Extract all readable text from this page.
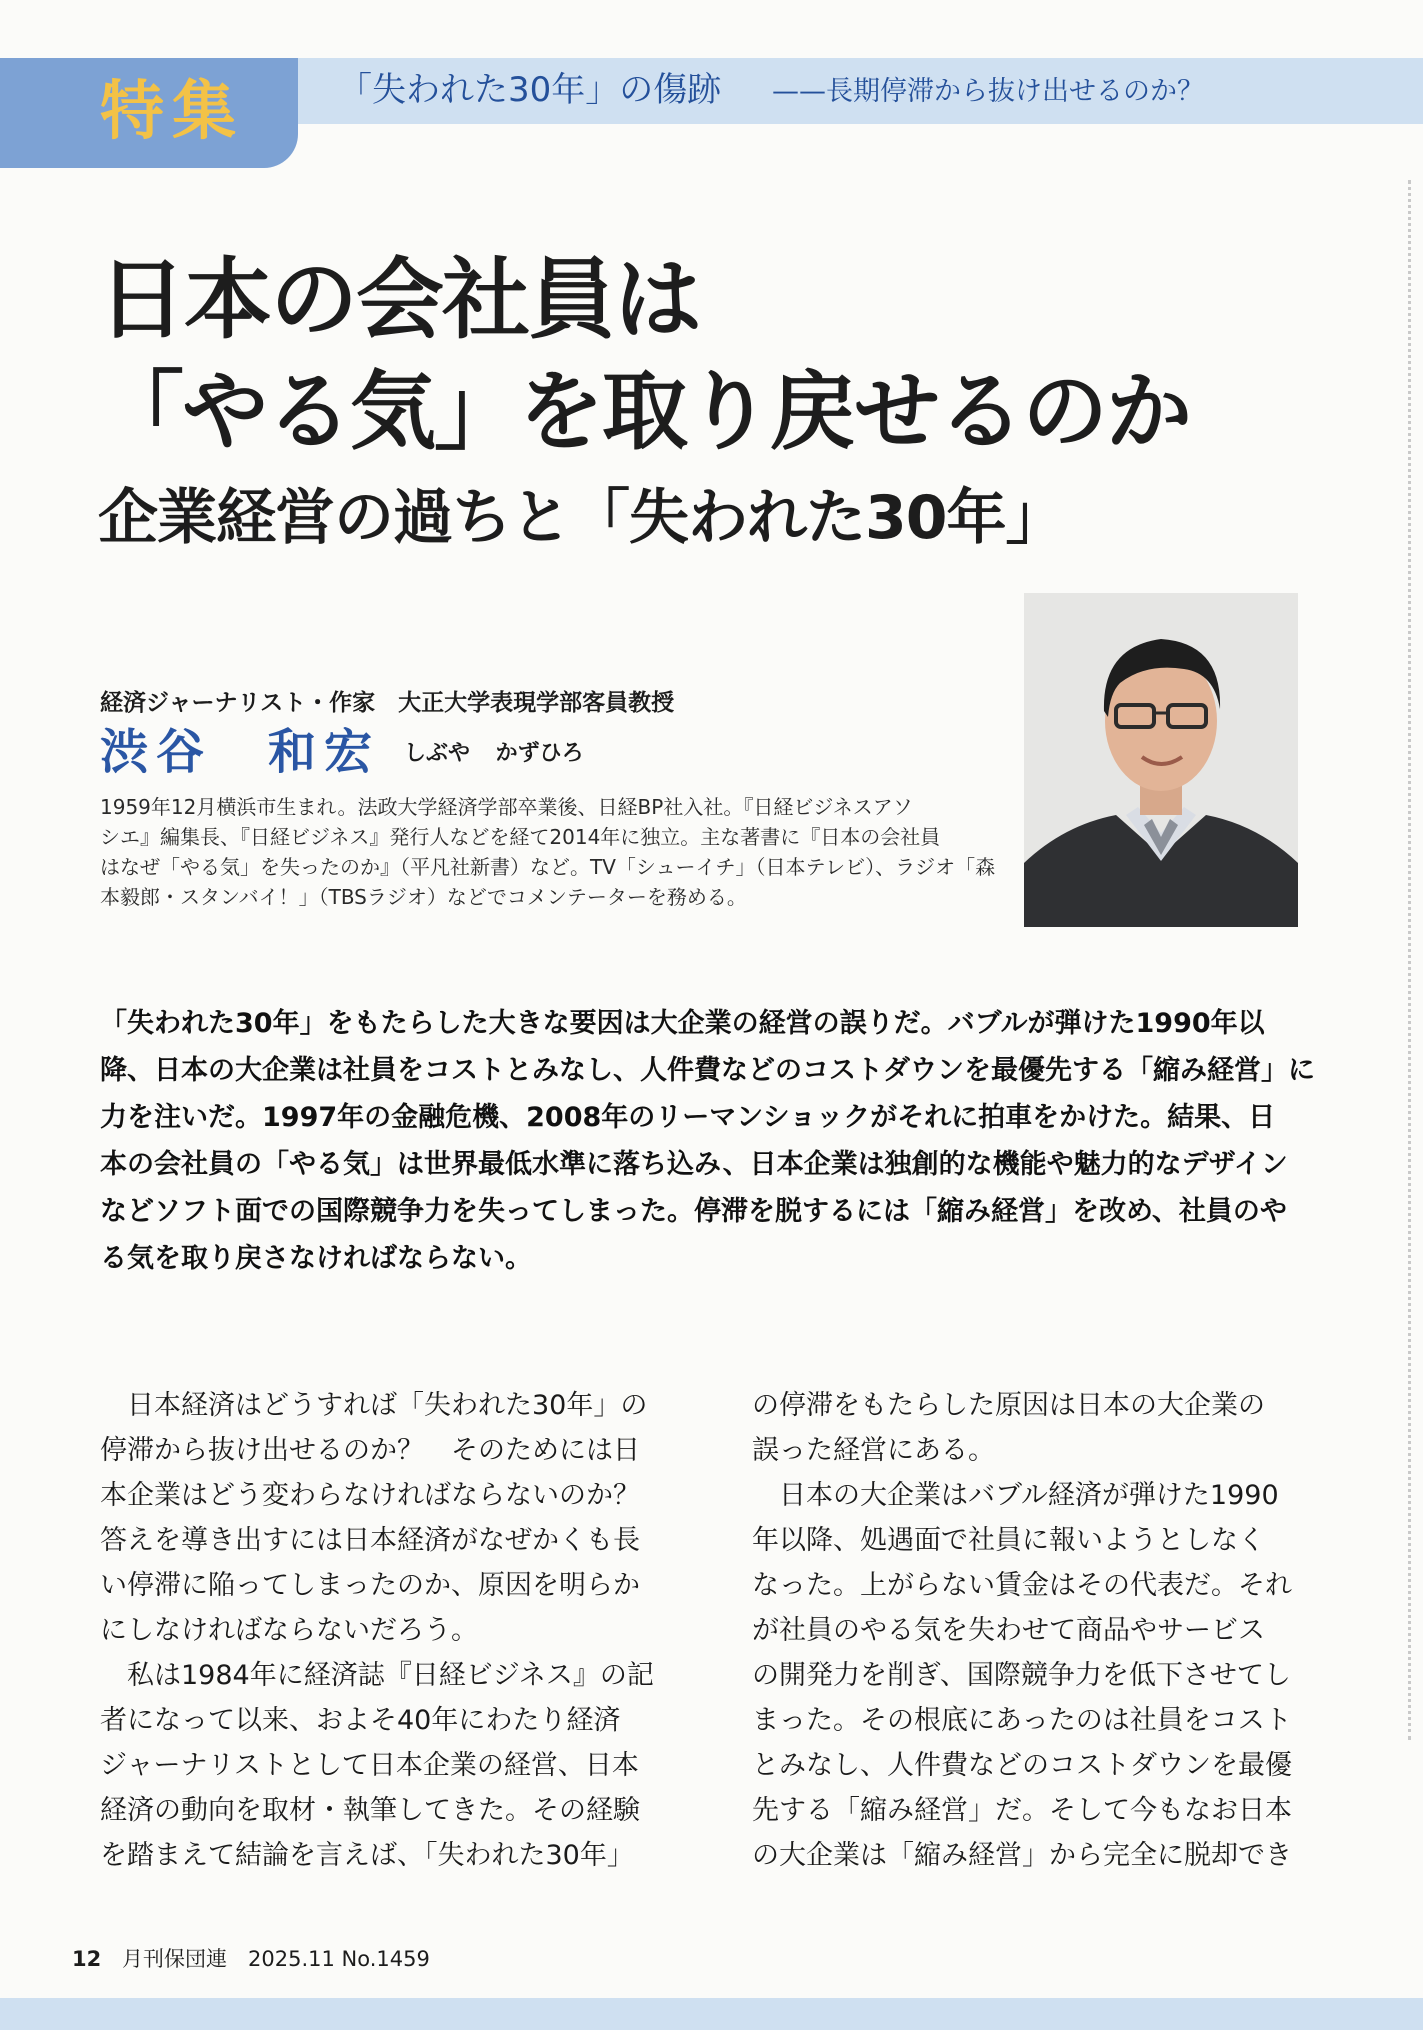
特集	「失われた30年」の傷跡 ——長期停滞から抜け出せるのか？
日本の会社員は
「やる気」を取り戻せるのか
企業経営の過ちと「失われた30年」
経済ジャーナリスト・作家　大正大学表現学部客員教授
渋谷　和宏 しぶや かずひろ

1959年12月横浜市生まれ。法政大学経済学部卒業後、日経BP社入社。『日経ビジネスアソ

シエ』編集長、『日経ビジネス』発行人などを経て2014年に独立。主な著書に『日本の会社員

はなぜ「やる気」を失ったのか』（平凡社新書）など。TV「シューイチ」（日本テレビ）、ラジオ「森

本毅郎・スタンバイ！」（TBSラジオ）などでコメンテーターを務める。

「失われた30年」をもたらした大きな要因は大企業の経営の誤りだ。バブルが弾けた1990年以

降、日本の大企業は社員をコストとみなし、人件費などのコストダウンを最優先する「縮み経営」に

力を注いだ。1997年の金融危機、2008年のリーマンショックがそれに拍車をかけた。結果、日

本の会社員の「やる気」は世界最低水準に落ち込み、日本企業は独創的な機能や魅力的なデザイン

などソフト面での国際競争力を失ってしまった。停滞を脱するには「縮み経営」を改め、社員のや

る気を取り戻さなければならない。

　日本経済はどうすれば「失われた30年」の

停滞から抜け出せるのか？　そのためには日

本企業はどう変わらなければならないのか？

答えを導き出すには日本経済がなぜかくも長

い停滞に陥ってしまったのか、原因を明らか

にしなければならないだろう。

　私は1984年に経済誌『日経ビジネス』の記

者になって以来、およそ40年にわたり経済

ジャーナリストとして日本企業の経営、日本

経済の動向を取材・執筆してきた。その経験

を踏まえて結論を言えば、「失われた30年」

の停滞をもたらした原因は日本の大企業の

誤った経営にある。

　日本の大企業はバブル経済が弾けた1990

年以降、処遇面で社員に報いようとしなく

なった。上がらない賃金はその代表だ。それ

が社員のやる気を失わせて商品やサービス

の開発力を削ぎ、国際競争力を低下させてし

まった。その根底にあったのは社員をコスト

とみなし、人件費などのコストダウンを最優

先する「縮み経営」だ。そして今もなお日本

の大企業は「縮み経営」から完全に脱却でき

12 月刊保団連　2025.11 No.1459
